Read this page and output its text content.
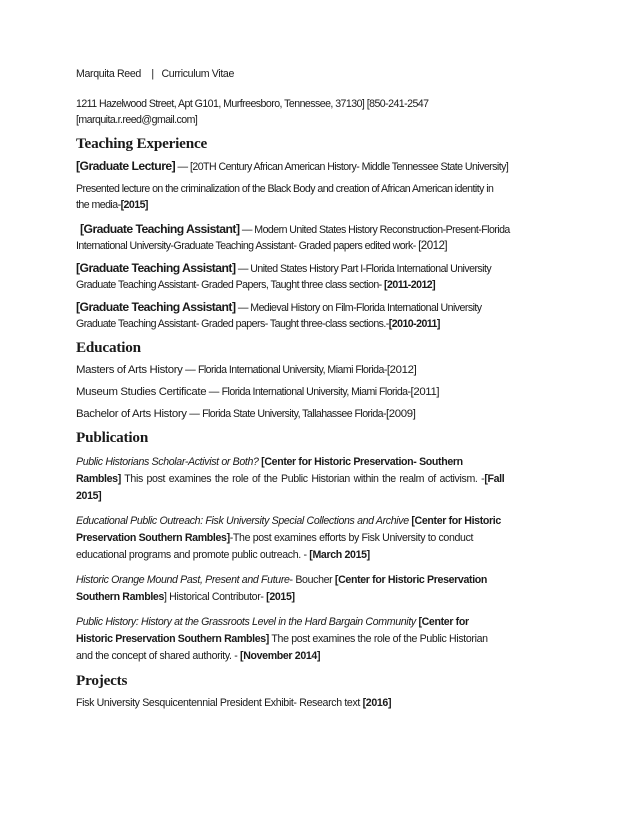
Marquita Reed | Curriculum Vitae

1211 Hazelwood Street, Apt G101, Murfreesboro, Tennessee, 37130] [850-241-2547

[marquita.r.reed@gmail.com]

Teaching Experience

[Graduate Lecture] — [20TH Century African American History- Middle Tennessee State University]

Presented lecture on the criminalization of the Black Body and creation of African American identity in

the media-[2015]

[Graduate Teaching Assistant] — Modern United States History Reconstruction-Present-Florida

International University-Graduate Teaching Assistant- Graded papers edited work- [2012]

[Graduate Teaching Assistant] — United States History Part I-Florida International University

Graduate Teaching Assistant- Graded Papers, Taught three class section- [2011-2012]

[Graduate Teaching Assistant] — Medieval History on Film-Florida International University

Graduate Teaching Assistant- Graded papers- Taught three-class sections.-[2010-2011]

Education

Masters of Arts History — Florida International University, Miami Florida-[2012]

Museum Studies Certificate — Florida International University, Miami Florida-[2011]

Bachelor of Arts History — Florida State University, Tallahassee Florida-[2009]

Publication

Public Historians Scholar-Activist or Both? [Center for Historic Preservation- Southern
Rambles] This post examines the role of the Public Historian within the realm of activism. -[Fall
2015]
Educational Public Outreach: Fisk University Special Collections and Archive [Center for Historic
Preservation Southern Rambles]-The post examines efforts by Fisk University to conduct
educational programs and promote public outreach. - [March 2015]
Historic Orange Mound Past, Present and Future- Boucher [Center for Historic Preservation
Southern Rambles] Historical Contributor- [2015]
Public History: History at the Grassroots Level in the Hard Bargain Community [Center for
Historic Preservation Southern Rambles] The post examines the role of the Public Historian
and the concept of shared authority. - [November 2014]

Projects

Fisk University Sesquicentennial President Exhibit- Research text [2016]
